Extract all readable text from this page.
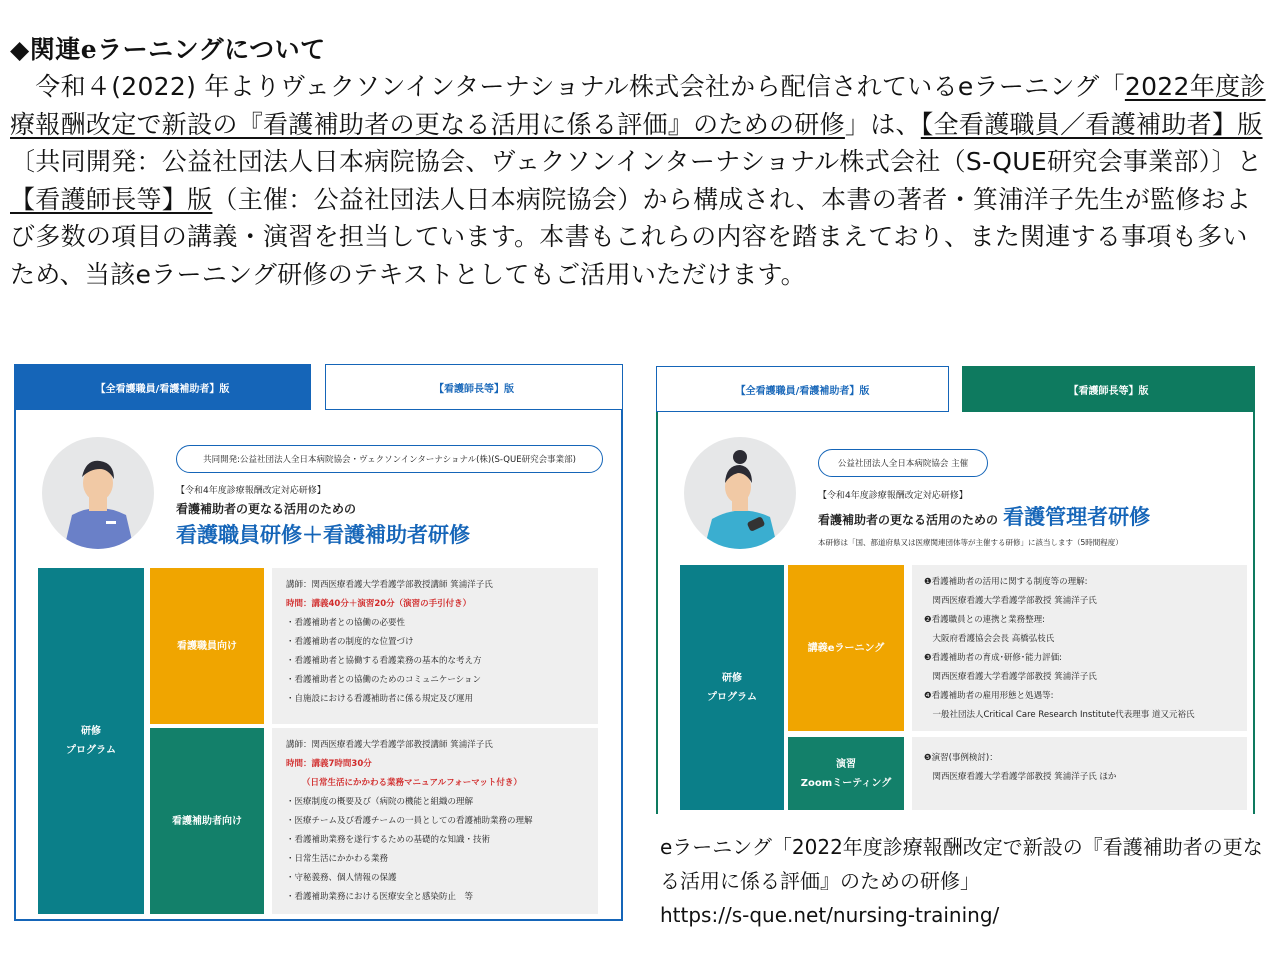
◆関連eラーニングについて
　令和４(2022) 年よりヴェクソンインターナショナル株式会社から配信されているeラーニング「2022年度診療報酬改定で新設の『看護補助者の更なる活用に係る評価』のための研修」は、【全看護職員／看護補助者】版〔共同開発：公益社団法人日本病院協会、ヴェクソンインターナショナル株式会社（S-QUE研究会事業部）〕と【看護師長等】版（主催：公益社団法人日本病院協会）から構成され、本書の著者・箕浦洋子先生が監修および多数の項目の講義・演習を担当しています。本書もこれらの内容を踏まえており、また関連する事項も多いため、当該eラーニング研修のテキストとしてもご活用いただけます。
【全看護職員/看護補助者】版	【看護師長等】版
共同開発:公益社団法人全日本病院協会・ヴェクソンインターナショナル(株)(S-QUE研究会事業部)
【令和4年度診療報酬改定対応研修】
看護補助者の更なる活用のための
看護職員研修＋看護補助者研修
研修
プログラム
看護職員向け
看護補助者向け
講師：関西医療看護大学看護学部教授講師 箕浦洋子氏
時間：講義40分＋演習20分（演習の手引付き）
・看護補助者との協働の必要性
・看護補助者の制度的な位置づけ
・看護補助者と協働する看護業務の基本的な考え方
・看護補助者との協働のためのコミュニケーション
・自施設における看護補助者に係る規定及び運用
講師：関西医療看護大学看護学部教授講師 箕浦洋子氏
時間：講義7時間30分
（日常生活にかかわる業務マニュアルフォーマット付き）
・医療制度の概要及び（病院の機能と組織の理解
・医療チーム及び看護チームの一員としての看護補助業務の理解
・看護補助業務を遂行するための基礎的な知識・技術
・日常生活にかかわる業務
・守秘義務、個人情報の保護
・看護補助業務における医療安全と感染防止　等
【全看護職員/看護補助者】版	【看護師長等】版
公益社団法人全日本病院協会 主催
【令和4年度診療報酬改定対応研修】
看護補助者の更なる活用のための 看護管理者研修
本研修は「国、都道府県又は医療関連団体等が主催する研修」に該当します（5時間程度）
研修
プログラム
講義eラーニング
演習
Zoomミーティング
❶看護補助者の活用に関する制度等の理解:
　関西医療看護大学看護学部教授 箕浦洋子氏
❷看護職員との連携と業務整理:
　大阪府看護協会会長 高橋弘枝氏
❸看護補助者の育成･研修･能力評価:
　関西医療看護大学看護学部教授 箕浦洋子氏
❹看護補助者の雇用形態と処遇等:
　一般社団法人Critical Care Research Institute代表理事 道又元裕氏
❺演習(事例検討)：
　関西医療看護大学看護学部教授 箕浦洋子氏 ほか
eラーニング「2022年度診療報酬改定で新設の『看護補助者の更なる活用に係る評価』のための研修」
https://s-que.net/nursing-training/
